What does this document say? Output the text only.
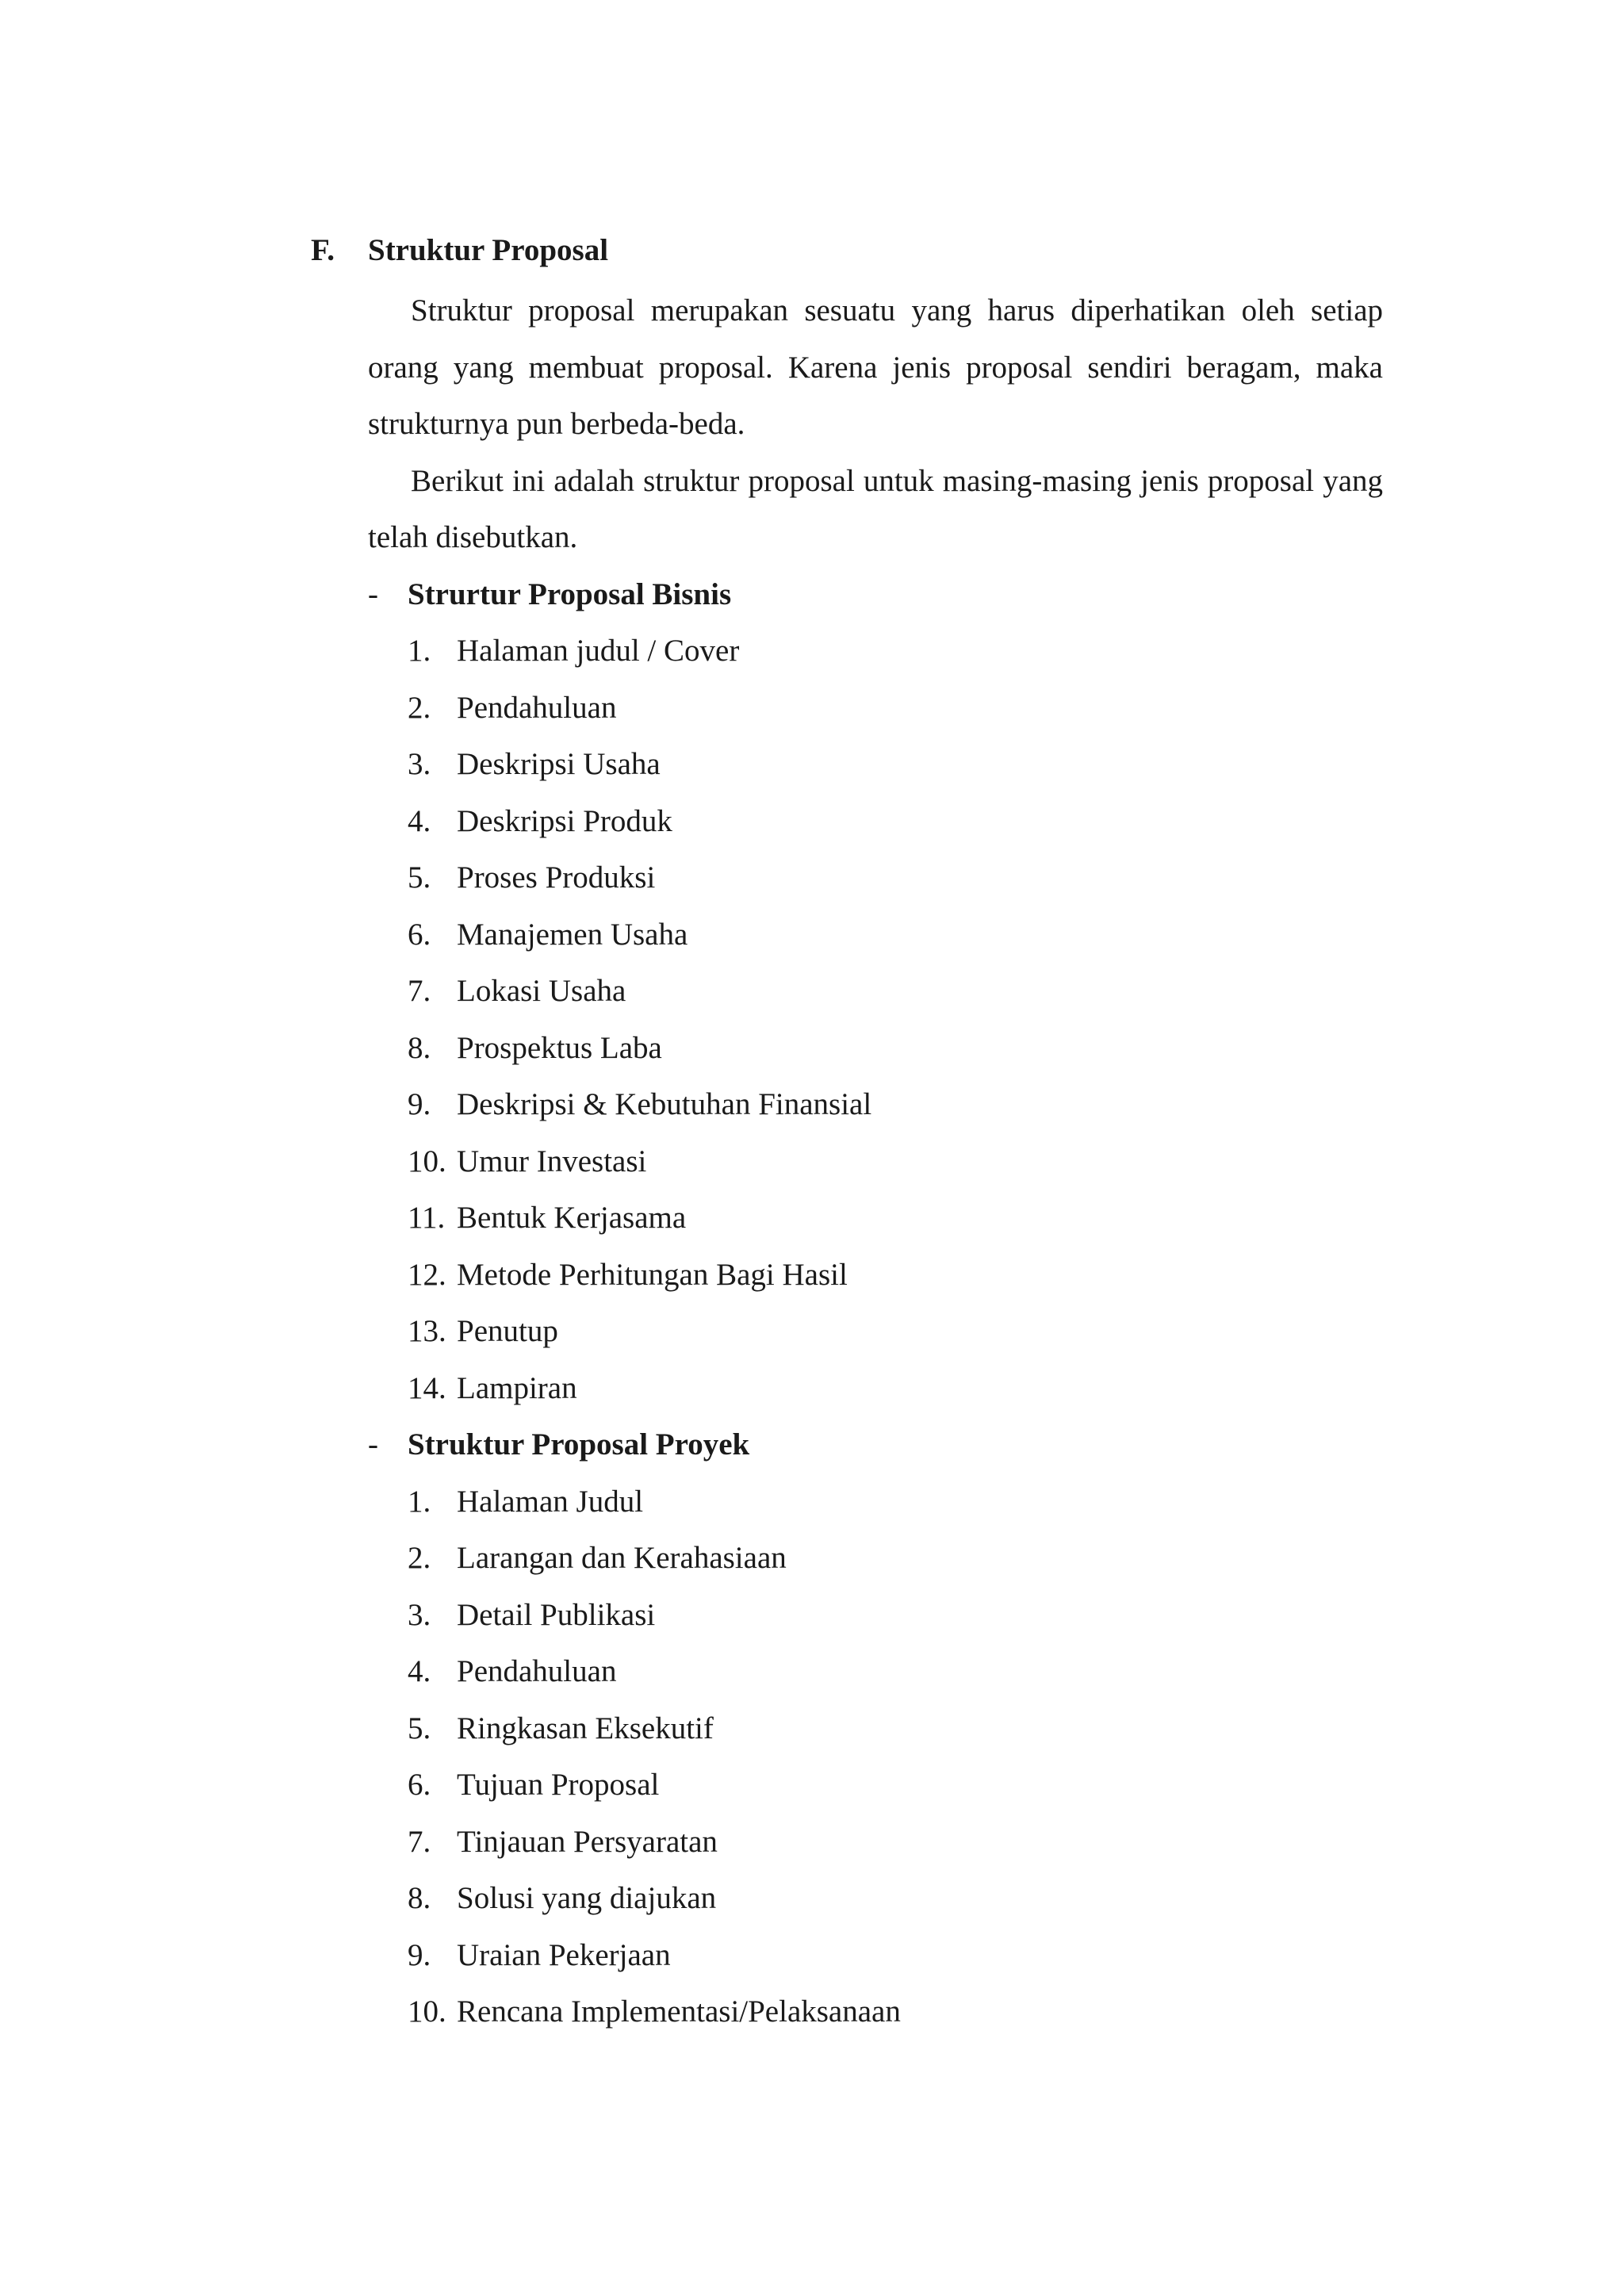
F. Struktur Proposal

Struktur proposal merupakan sesuatu yang harus diperhatikan oleh setiap orang yang membuat proposal. Karena jenis proposal sendiri beragam, maka strukturnya pun berbeda-beda.

Berikut ini adalah struktur proposal untuk masing-masing jenis proposal yang telah disebutkan.

- Strurtur Proposal Bisnis
1. Halaman judul / Cover
2. Pendahuluan
3. Deskripsi Usaha
4. Deskripsi Produk
5. Proses Produksi
6. Manajemen Usaha
7. Lokasi Usaha
8. Prospektus Laba
9. Deskripsi & Kebutuhan Finansial
10. Umur Investasi
11. Bentuk Kerjasama
12. Metode Perhitungan Bagi Hasil
13. Penutup
14. Lampiran
- Struktur Proposal Proyek
1. Halaman Judul
2. Larangan dan Kerahasiaan
3. Detail Publikasi
4. Pendahuluan
5. Ringkasan Eksekutif
6. Tujuan Proposal
7. Tinjauan Persyaratan
8. Solusi yang diajukan
9. Uraian Pekerjaan
10. Rencana Implementasi/Pelaksanaan
